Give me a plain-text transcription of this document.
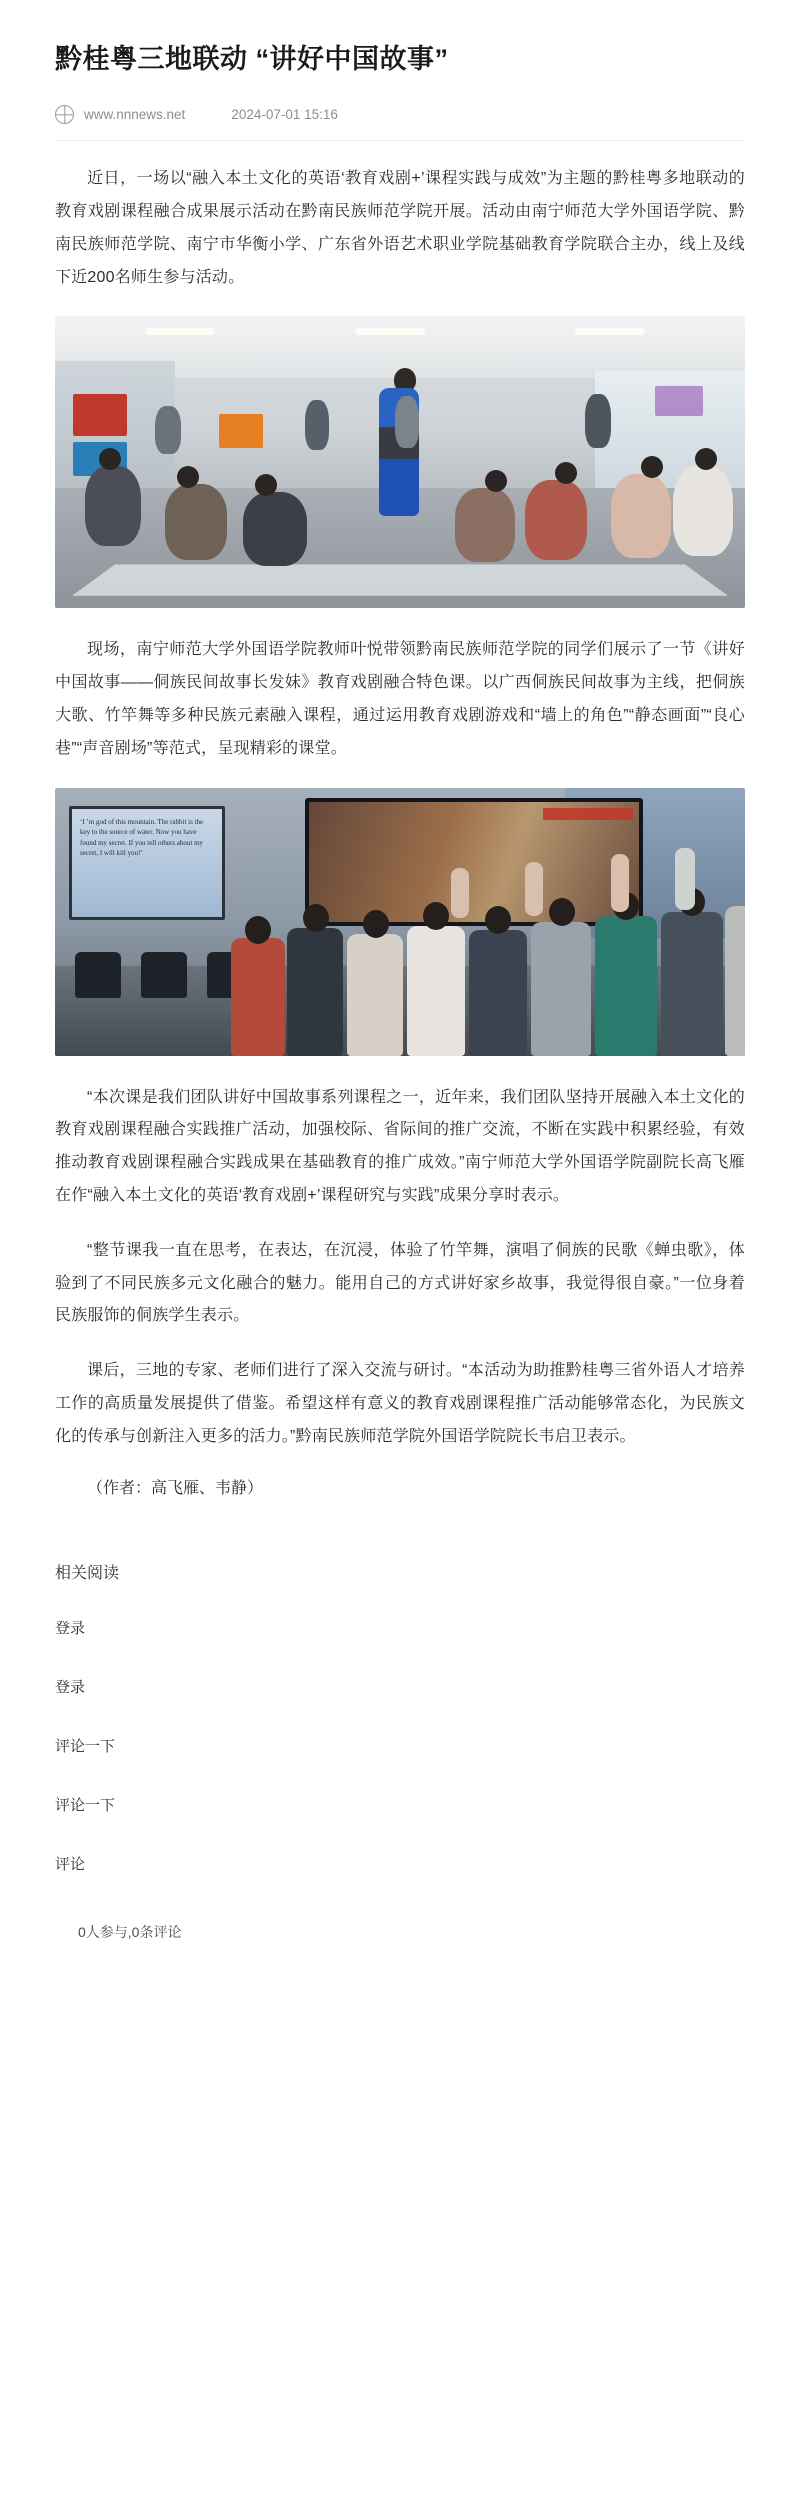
黔桂粤三地联动 “讲好中国故事”
www.nnnews.net	2024-07-01 15:16

近日，一场以“融入本土文化的英语‘教育戏剧+’课程实践与成效”为主题的黔桂粤多地联动的教育戏剧课程融合成果展示活动在黔南民族师范学院开展。活动由南宁师范大学外国语学院、黔南民族师范学院、南宁市华衡小学、广东省外语艺术职业学院基础教育学院联合主办，线上及线下近200名师生参与活动。

现场，南宁师范大学外国语学院教师叶悦带领黔南民族师范学院的同学们展示了一节《讲好中国故事——侗族民间故事长发妹》教育戏剧融合特色课。以广西侗族民间故事为主线，把侗族大歌、竹竿舞等多种民族元素融入课程，通过运用教育戏剧游戏和“墙上的角色”“静态画面”“良心巷”“声音剧场”等范式，呈现精彩的课堂。

‘I ’m god of this mountain. The rabbit is the key to the source of water. Now you have found my secret. If you tell others about my secret, I will kill you!’

“本次课是我们团队讲好中国故事系列课程之一，近年来，我们团队坚持开展融入本土文化的教育戏剧课程融合实践推广活动，加强校际、省际间的推广交流，不断在实践中积累经验，有效推动教育戏剧课程融合实践成果在基础教育的推广成效。”南宁师范大学外国语学院副院长高飞雁在作“融入本土文化的英语‘教育戏剧+’课程研究与实践”成果分享时表示。

“整节课我一直在思考，在表达，在沉浸，体验了竹竿舞，演唱了侗族的民歌《蝉虫歌》，体验到了不同民族多元文化融合的魅力。能用自己的方式讲好家乡故事，我觉得很自豪。”一位身着民族服饰的侗族学生表示。

课后，三地的专家、老师们进行了深入交流与研讨。“本活动为助推黔桂粤三省外语人才培养工作的高质量发展提供了借鉴。希望这样有意义的教育戏剧课程推广活动能够常态化，为民族文化的传承与创新注入更多的活力。”黔南民族师范学院外国语学院院长韦启卫表示。

（作者：高飞雁、韦静）

相关阅读
登录
登录
评论一下
评论一下
评论
0人参与,0条评论
